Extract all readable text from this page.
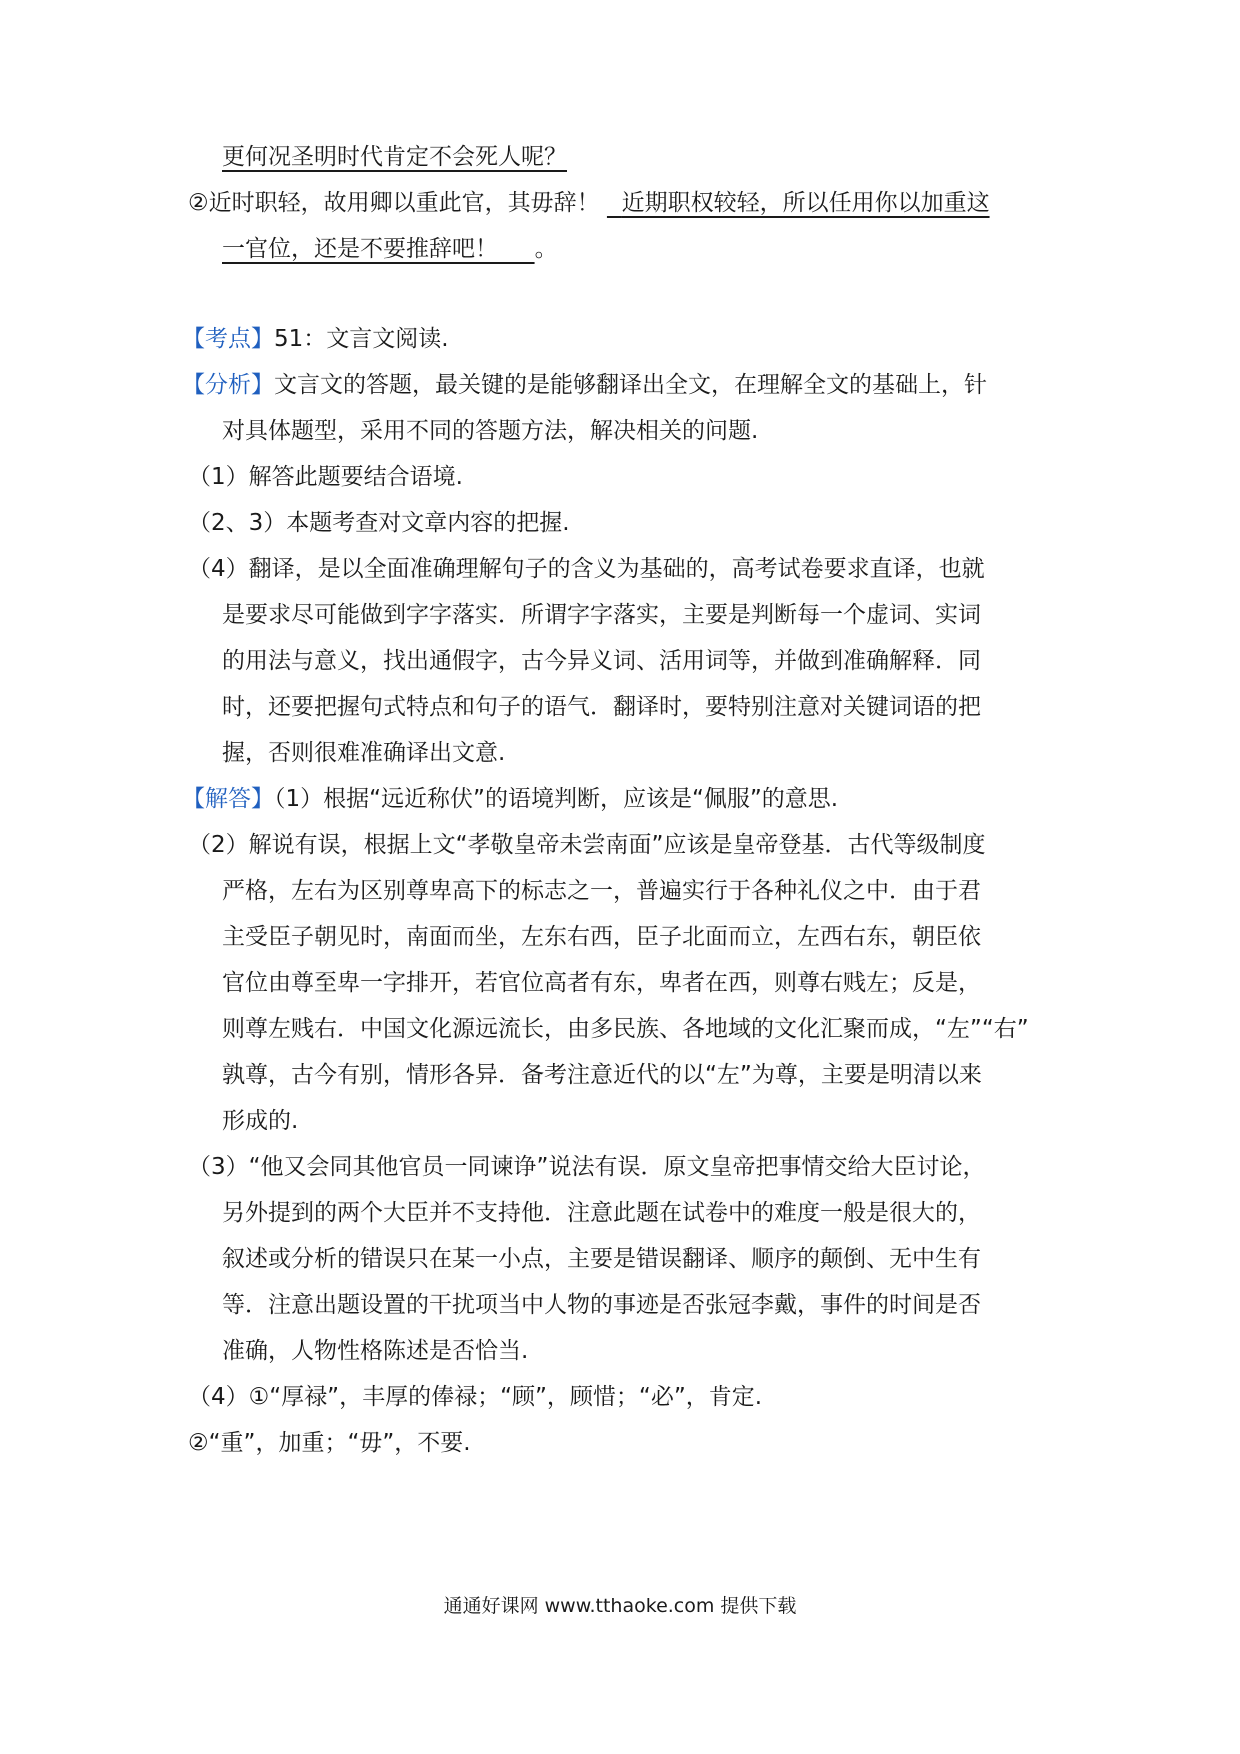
更何况圣明时代肯定不会死人呢？
②近时职轻，故用卿以重此官，其毋辞！ 近期职权较轻，所以任用你以加重这
一官位，还是不要推辞吧！ 。
【考点】51：文言文阅读.
【分析】文言文的答题，最关键的是能够翻译出全文，在理解全文的基础上，针
对具体题型，采用不同的答题方法，解决相关的问题.
（1）解答此题要结合语境.
（2、3）本题考查对文章内容的把握.
（4）翻译，是以全面准确理解句子的含义为基础的，高考试卷要求直译，也就
是要求尽可能做到字字落实．所谓字字落实，主要是判断每一个虚词、实词
的用法与意义，找出通假字，古今异义词、活用词等，并做到准确解释．同
时，还要把握句式特点和句子的语气．翻译时，要特别注意对关键词语的把
握，否则很难准确译出文意.
【解答】（1）根据“远近称伏”的语境判断，应该是“佩服”的意思.
（2）解说有误，根据上文“孝敬皇帝未尝南面”应该是皇帝登基．古代等级制度
严格，左右为区别尊卑高下的标志之一，普遍实行于各种礼仪之中．由于君
主受臣子朝见时，南面而坐，左东右西，臣子北面而立，左西右东，朝臣依
官位由尊至卑一字排开，若官位高者有东，卑者在西，则尊右贱左；反是，
则尊左贱右．中国文化源远流长，由多民族、各地域的文化汇聚而成，“左”“右”
孰尊，古今有别，情形各异．备考注意近代的以“左”为尊，主要是明清以来
形成的.
（3）“他又会同其他官员一同谏诤”说法有误．原文皇帝把事情交给大臣讨论，
另外提到的两个大臣并不支持他．注意此题在试卷中的难度一般是很大的，
叙述或分析的错误只在某一小点，主要是错误翻译、顺序的颠倒、无中生有
等．注意出题设置的干扰项当中人物的事迹是否张冠李戴，事件的时间是否
准确，人物性格陈述是否恰当.
（4）①“厚禄”，丰厚的俸禄；“顾”，顾惜；“必”，肯定.
②“重”，加重；“毋”，不要.
通通好课网 www.tthaoke.com 提供下载
